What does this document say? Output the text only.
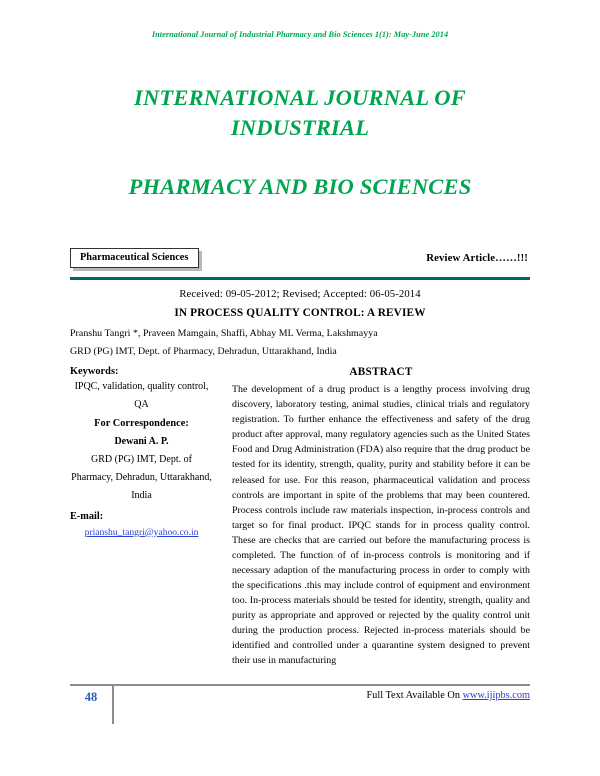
International Journal of Industrial Pharmacy and Bio Sciences 1(1): May-June 2014

INTERNATIONAL JOURNAL OF INDUSTRIAL

PHARMACY AND BIO SCIENCES

Pharmaceutical Sciences	Review Article……!!!
Received: 09-05-2012; Revised; Accepted: 06-05-2014
IN PROCESS QUALITY CONTROL: A REVIEW
Pranshu Tangri *, Praveen Mamgain, Shaffi, Abhay ML Verma, Lakshmayya
GRD (PG) IMT, Dept. of Pharmacy, Dehradun, Uttarakhand, India
Keywords:
IPQC, validation, quality control, QA
For Correspondence:
Dewani A. P.
GRD (PG) IMT, Dept. of Pharmacy, Dehradun, Uttarakhand, India
E-mail:
prianshu_tangri@yahoo.co.in
ABSTRACT
The development of a drug product is a lengthy process involving drug discovery, laboratory testing, animal studies, clinical trials and regulatory registration. To further enhance the effectiveness and safety of the drug product after approval, many regulatory agencies such as the United States Food and Drug Administration (FDA) also require that the drug product be tested for its identity, strength, quality, purity and stability before it can be released for use. For this reason, pharmaceutical validation and process controls are important in spite of the problems that may been countered. Process controls include raw materials inspection, in-process controls and target so for final product. IPQC stands for in process quality control. These are checks that are carried out before the manufacturing process is completed. The function of of in-process controls is monitoring and if necessary adaption of the manufacturing process in order to comply with the specifications .this may include control of equipment and environment too. In-process materials should be tested for identity, strength, quality and purity as appropriate and approved or rejected by the quality control unit during the production process. Rejected in-process materials should be identified and controlled under a quarantine system designed to prevent their use in manufacturing
48	Full Text Available On www.ijipbs.com
